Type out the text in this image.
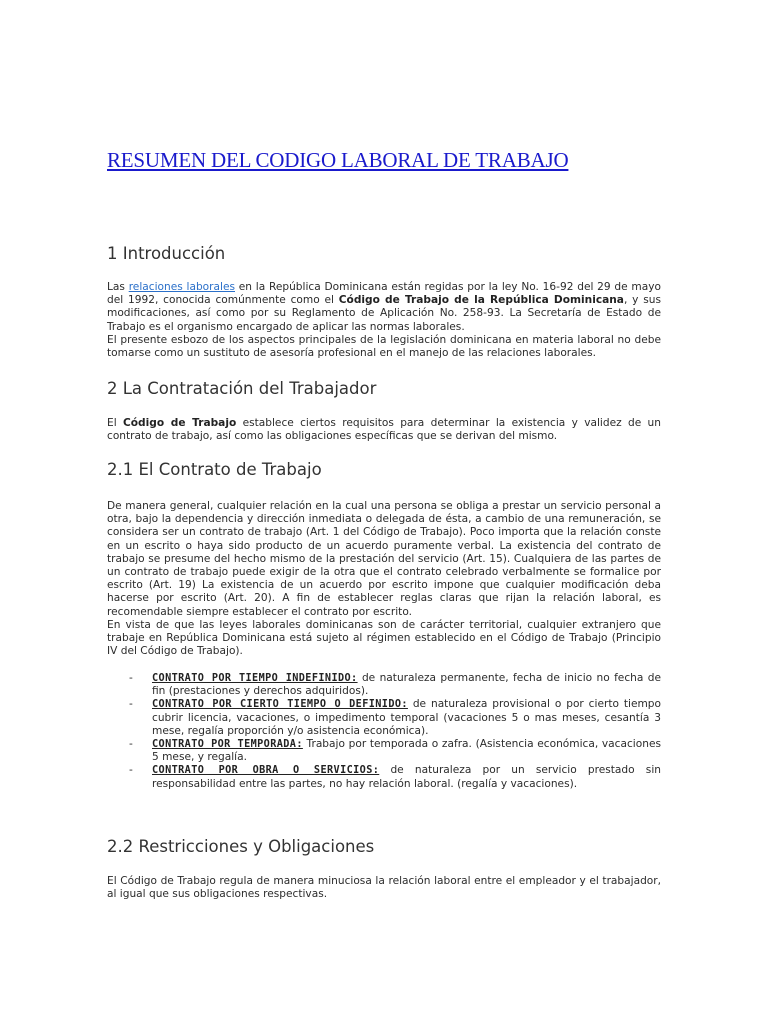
RESUMEN DEL CODIGO LABORAL DE TRABAJO
1 Introducción

Las relaciones laborales en la República Dominicana están regidas por la ley No. 16-92 del 29 de mayo del 1992, conocida comúnmente como el Código de Trabajo de la República Dominicana, y sus modificaciones, así como por su Reglamento de Aplicación No. 258-93. La Secretaría de Estado de Trabajo es el organismo encargado de aplicar las normas laborales.

El presente esbozo de los aspectos principales de la legislación dominicana en materia laboral no debe tomarse como un sustituto de asesoría profesional en el manejo de las relaciones laborales.

2 La Contratación del Trabajador

El Código de Trabajo establece ciertos requisitos para determinar la existencia y validez de un contrato de trabajo, así como las obligaciones específicas que se derivan del mismo.

2.1 El Contrato de Trabajo

De manera general, cualquier relación en la cual una persona se obliga a prestar un servicio personal a otra, bajo la dependencia y dirección inmediata o delegada de ésta, a cambio de una remuneración, se considera ser un contrato de trabajo (Art. 1 del Código de Trabajo). Poco importa que la relación conste en un escrito o haya sido producto de un acuerdo puramente verbal. La existencia del contrato de trabajo se presume del hecho mismo de la prestación del servicio (Art. 15). Cualquiera de las partes de un contrato de trabajo puede exigir de la otra que el contrato celebrado verbalmente se formalice por escrito (Art. 19) La existencia de un acuerdo por escrito impone que cualquier modificación deba hacerse por escrito (Art. 20). A fin de establecer reglas claras que rijan la relación laboral, es recomendable siempre establecer el contrato por escrito.

En vista de que las leyes laborales dominicanas son de carácter territorial, cualquier extranjero que trabaje en República Dominicana está sujeto al régimen establecido en el Código de Trabajo (Principio IV del Código de Trabajo).

- CONTRATO POR TIEMPO INDEFINIDO: de naturaleza permanente, fecha de inicio no fecha de fin (prestaciones y derechos adquiridos).
- CONTRATO POR CIERTO TIEMPO O DEFINIDO: de naturaleza provisional o por cierto tiempo cubrir licencia, vacaciones, o impedimento temporal (vacaciones 5 o mas meses, cesantía 3 mese, regalía proporción y/o asistencia económica).
- CONTRATO POR TEMPORADA: Trabajo por temporada o zafra. (Asistencia económica, vacaciones 5 mese, y regalía.
- CONTRATO POR OBRA O SERVICIOS: de naturaleza por un servicio prestado sin responsabilidad entre las partes, no hay relación laboral. (regalía y vacaciones).
2.2 Restricciones y Obligaciones

El Código de Trabajo regula de manera minuciosa la relación laboral entre el empleador y el trabajador, al igual que sus obligaciones respectivas.
